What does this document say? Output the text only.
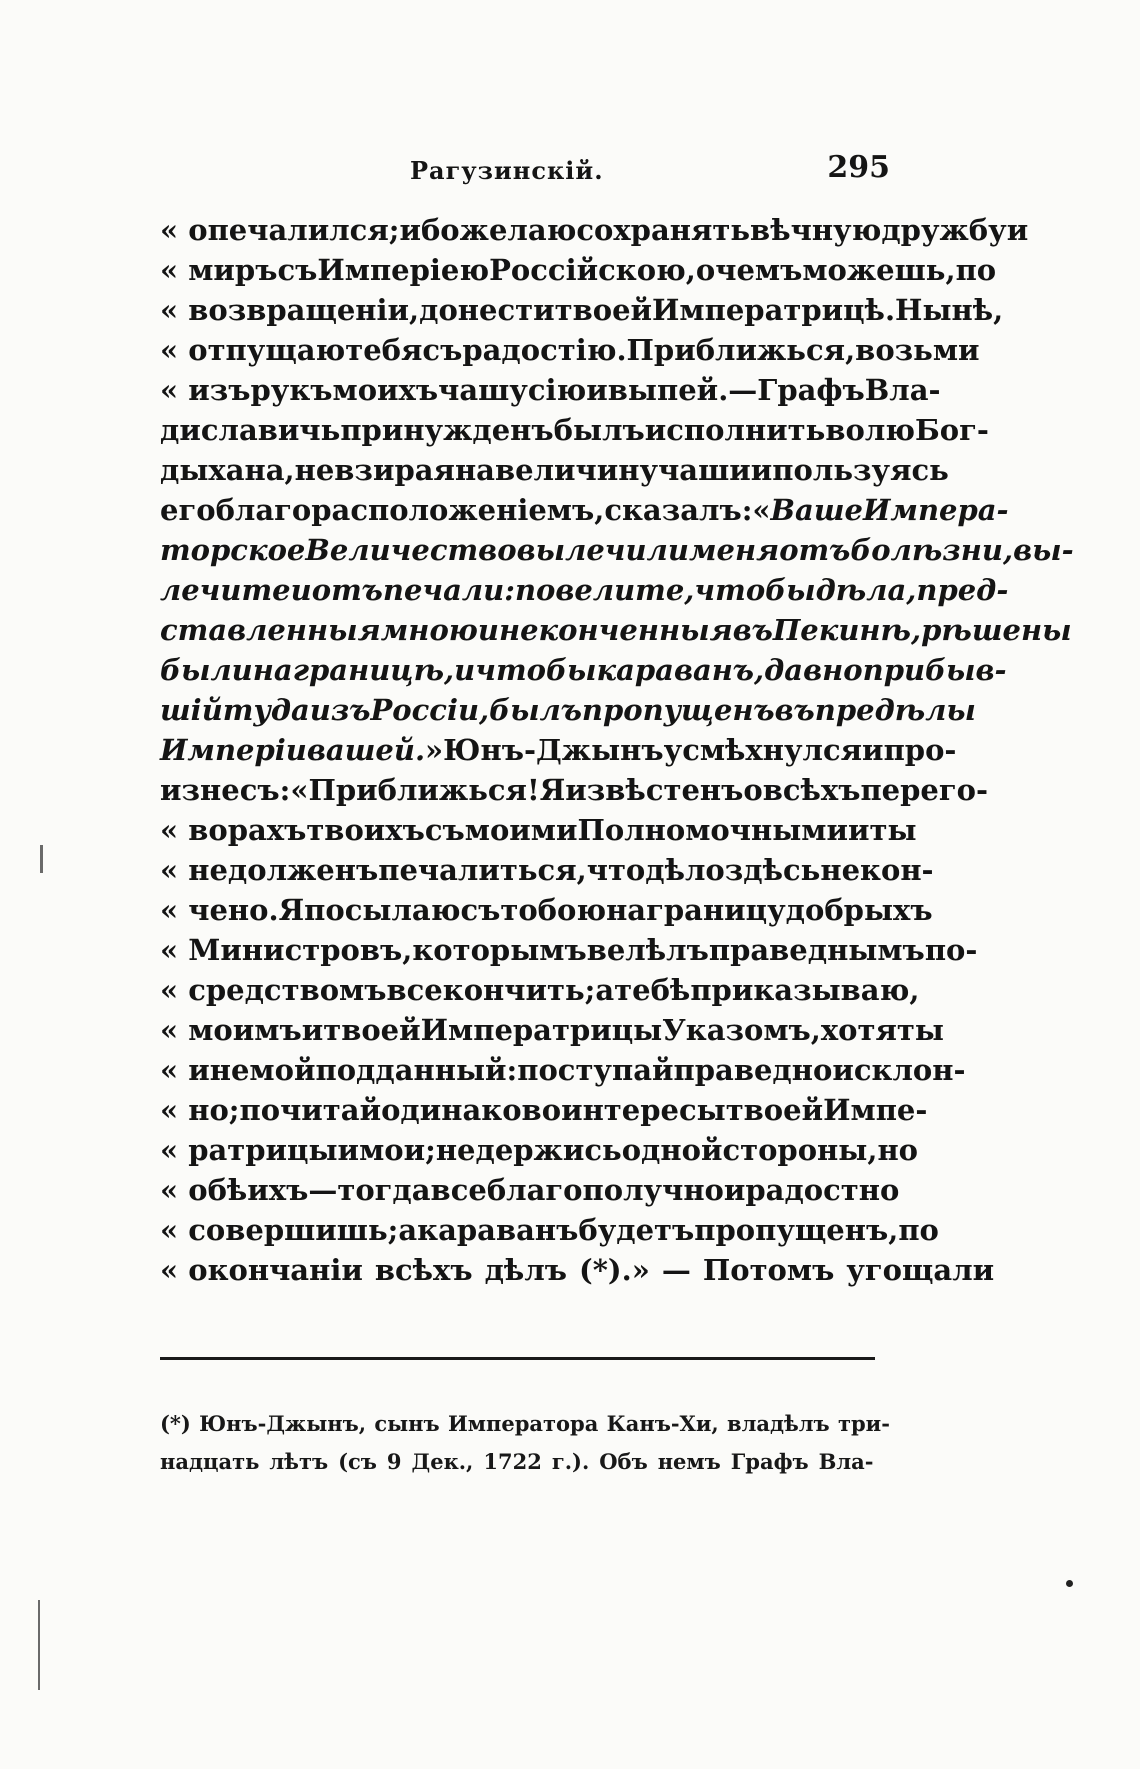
Рагузинскій.	295
« опечалился; ибо желаю сохранять вѣчную дружбу и
« миръ съ Имперіею Россійскою, о чемъ можешь, по
« возвращеніи, донести твоей Императрицѣ. Нынѣ,
« отпущаю тебя съ радостію. Приближься, возьми
« изъ рукъ моихъ чашу сію и выпей.— Графъ Вла-
диславичь принужденъ былъ исполнить волю Бог-
дыхана, не взирая на величину чаши и пользуясь
его благорасположеніемъ, сказалъ: « Ваше Импера-
торское Величество вылечили меня отъ болѣзни, вы-
лечите и отъ печали: повелите, чтобы дѣла, пред-
ставленныя мною и не конченныя въ Пекинѣ, рѣшены
были на границѣ, и чтобы караванъ, давно прибыв-
шій туда изъ Россіи, былъ пропущенъ въ предѣлы
Имперіи вашей. » Юнъ-Джынъ усмѣхнулся и про-
изнесъ: «Приближься! Я извѣстенъ о всѣхъ перего-
« ворахъ твоихъ съ моими Полномочными и ты
« не долженъ печалиться, что дѣло здѣсь не кон-
« чено. Я посылаю съ тобою на границу добрыхъ
« Министровъ, которымъ велѣлъ праведнымъ по-
« средствомъ все кончить; а тебѣ приказываю,
« моимъ и твоей Императрицы Указомъ, хотя ты
« и не мой подданный: поступай праведно и склон-
« но; почитай одинаково интересы твоей Импе-
« ратрицы и мои; не держись одной стороны, но
« обѣихъ — тогда все благополучно и радостно
« совершишь; а караванъ будетъ пропущенъ, по
« окончаніи всѣхъ дѣлъ (*).» — Потомъ угощали
(*) Юнъ-Джынъ, сынъ Императора Канъ-Хи, владѣлъ три-
надцать лѣтъ (съ 9 Дек., 1722 г.). Объ немъ Графъ Вла-
